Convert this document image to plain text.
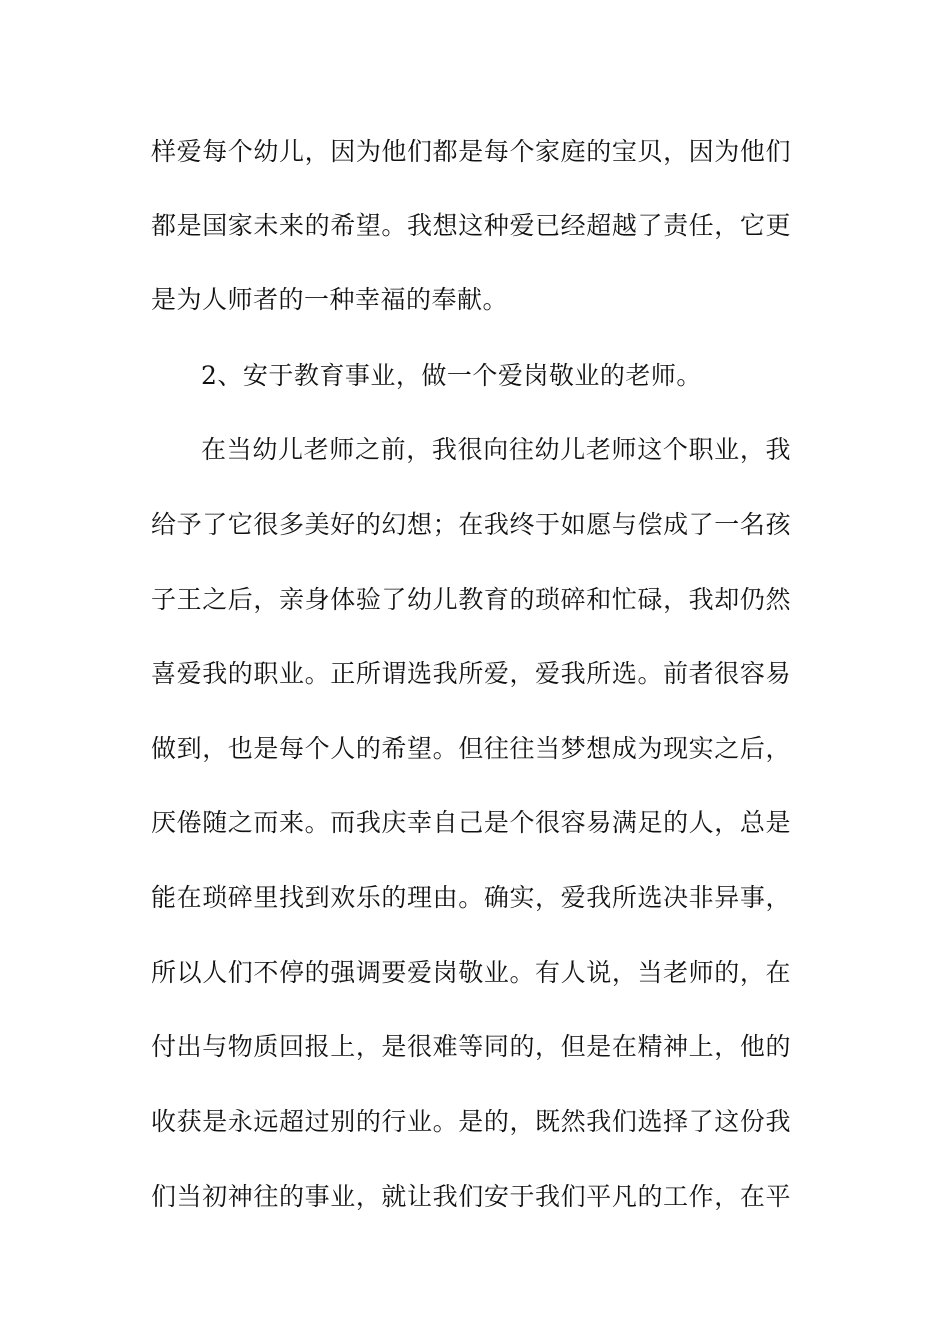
样爱每个幼儿，因为他们都是每个家庭的宝贝，因为他们
都是国家未来的希望。我想这种爱已经超越了责任，它更
是为人师者的一种幸福的奉献。
2、安于教育事业，做一个爱岗敬业的老师。
在当幼儿老师之前，我很向往幼儿老师这个职业，我
给予了它很多美好的幻想；在我终于如愿与偿成了一名孩
子王之后，亲身体验了幼儿教育的琐碎和忙碌，我却仍然
喜爱我的职业。正所谓选我所爱，爱我所选。前者很容易
做到，也是每个人的希望。但往往当梦想成为现实之后，
厌倦随之而来。而我庆幸自己是个很容易满足的人，总是
能在琐碎里找到欢乐的理由。确实，爱我所选决非异事，
所以人们不停的强调要爱岗敬业。有人说，当老师的，在
付出与物质回报上，是很难等同的，但是在精神上，他的
收获是永远超过别的行业。是的，既然我们选择了这份我
们当初神往的事业，就让我们安于我们平凡的工作，在平
